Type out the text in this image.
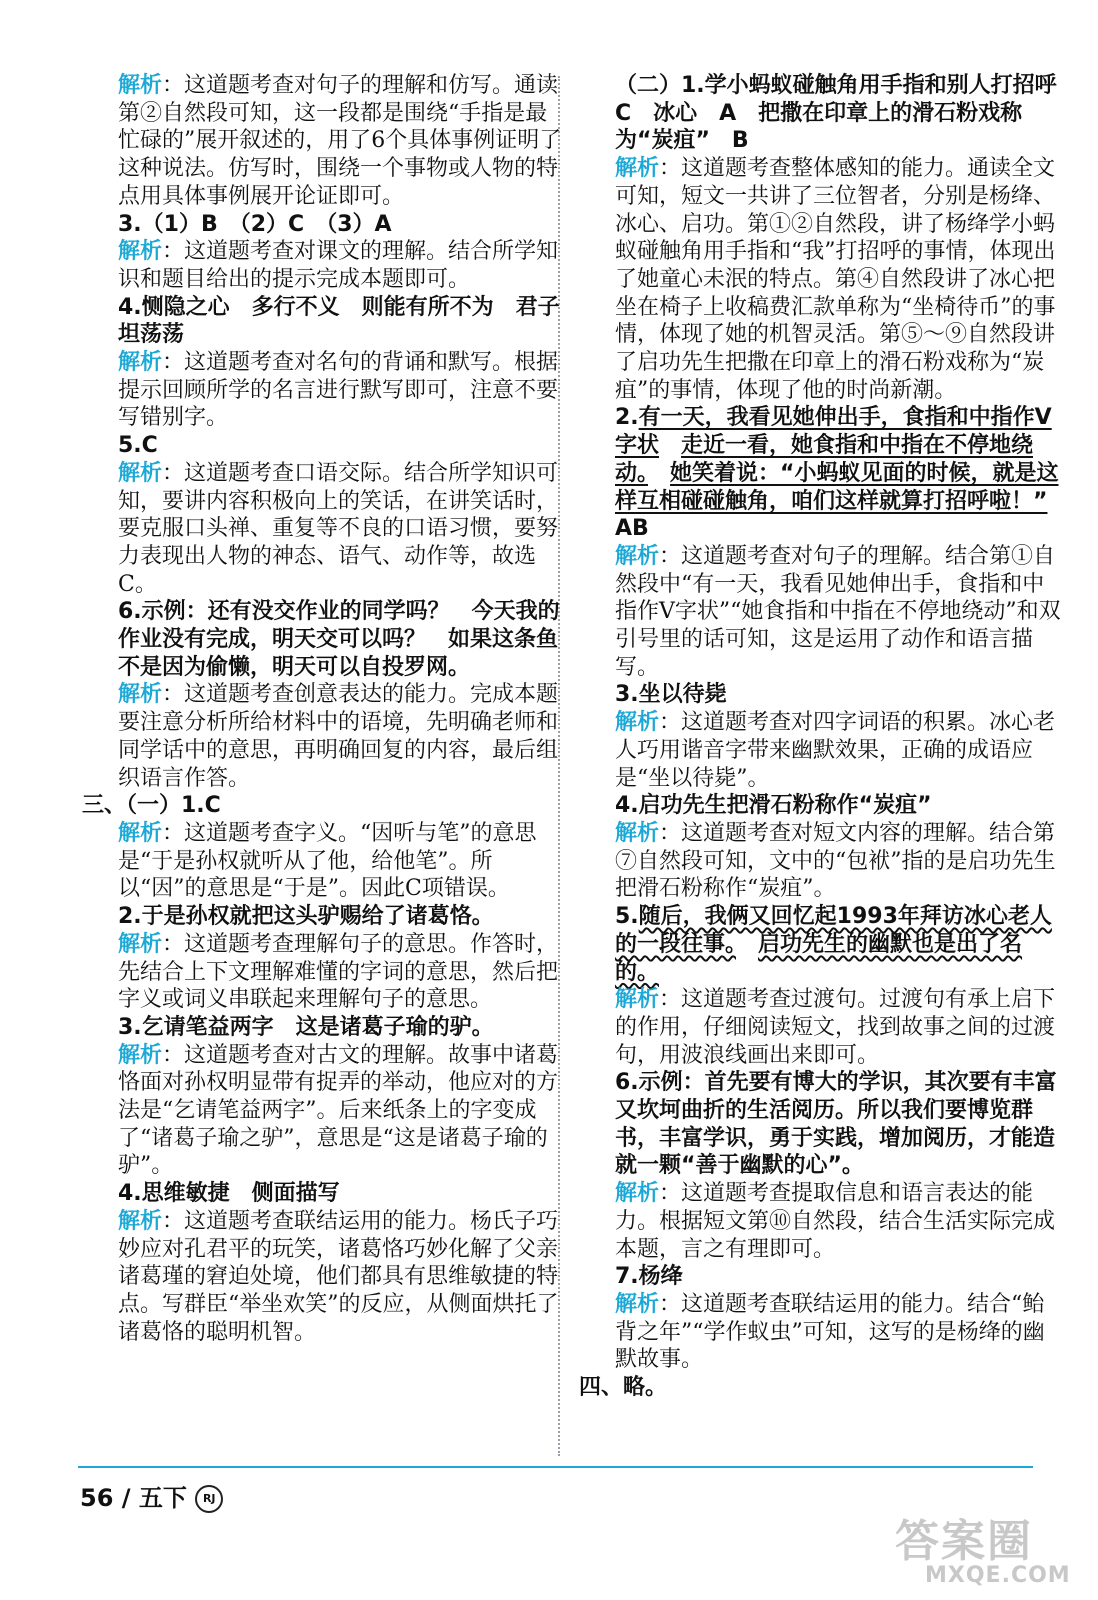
解析：这道题考查对句子的理解和仿写。通读第②自然段可知，这一段都是围绕“手指是最忙碌的”展开叙述的，用了6个具体事例证明了这种说法。仿写时，围绕一个事物或人物的特点用具体事例展开论证即可。

3.（1）B　（2）C　（3）A

解析：这道题考查对课文的理解。结合所学知识和题目给出的提示完成本题即可。

4.恻隐之心　多行不义　则能有所不为　君子坦荡荡

解析：这道题考查对名句的背诵和默写。根据提示回顾所学的名言进行默写即可，注意不要写错别字。

5.C

解析：这道题考查口语交际。结合所学知识可知，要讲内容积极向上的笑话，在讲笑话时，要克服口头禅、重复等不良的口语习惯，要努力表现出人物的神态、语气、动作等，故选C。

6.示例：还有没交作业的同学吗？　今天我的作业没有完成，明天交可以吗？　如果这条鱼不是因为偷懒，明天可以自投罗网。

解析：这道题考查创意表达的能力。完成本题要注意分析所给材料中的语境，先明确老师和同学话中的意思，再明确回复的内容，最后组织语言作答。

三、（一）1.C

解析：这道题考查字义。“因听与笔”的意思是“于是孙权就听从了他，给他笔”。所以“因”的意思是“于是”。因此C项错误。

2.于是孙权就把这头驴赐给了诸葛恪。

解析：这道题考查理解句子的意思。作答时，先结合上下文理解难懂的字词的意思，然后把字义或词义串联起来理解句子的意思。

3.乞请笔益两字　这是诸葛子瑜的驴。

解析：这道题考查对古文的理解。故事中诸葛恪面对孙权明显带有捉弄的举动，他应对的方法是“乞请笔益两字”。后来纸条上的字变成了“诸葛子瑜之驴”，意思是“这是诸葛子瑜的驴”。

4.思维敏捷　侧面描写

解析：这道题考查联结运用的能力。杨氏子巧妙应对孔君平的玩笑，诸葛恪巧妙化解了父亲诸葛瑾的窘迫处境，他们都具有思维敏捷的特点。写群臣“举坐欢笑”的反应，从侧面烘托了诸葛恪的聪明机智。

（二）1.学小蚂蚁碰触角用手指和别人打招呼　C　冰心　A　把撒在印章上的滑石粉戏称为“炭疽”　B

解析：这道题考查整体感知的能力。通读全文可知，短文一共讲了三位智者，分别是杨绛、冰心、启功。第①②自然段，讲了杨绛学小蚂蚁碰触角用手指和“我”打招呼的事情，体现出了她童心未泯的特点。第④自然段讲了冰心把坐在椅子上收稿费汇款单称为“坐椅待币”的事情，体现了她的机智灵活。第⑤～⑨自然段讲了启功先生把撒在印章上的滑石粉戏称为“炭疽”的事情，体现了他的时尚新潮。

2.有一天，我看见她伸出手，食指和中指作V字状　 走近一看，她食指和中指在不停地绕动。　 她笑着说：“小蚂蚁见面的时候，就是这样互相碰碰触角，咱们这样就算打招呼啦！”　AB

解析：这道题考查对句子的理解。结合第①自然段中“有一天，我看见她伸出手，食指和中指作V字状”“她食指和中指在不停地绕动”和双引号里的话可知，这是运用了动作和语言描写。

3.坐以待毙

解析：这道题考查对四字词语的积累。冰心老人巧用谐音字带来幽默效果，正确的成语应是“坐以待毙”。

4.启功先生把滑石粉称作“炭疽”

解析：这道题考查对短文内容的理解。结合第⑦自然段可知，文中的“包袱”指的是启功先生把滑石粉称作“炭疽”。

5.随后，我俩又回忆起1993年拜访冰心老人的一段往事。　 启功先生的幽默也是出了名的。

解析：这道题考查过渡句。过渡句有承上启下的作用，仔细阅读短文，找到故事之间的过渡句，用波浪线画出来即可。

6.示例：首先要有博大的学识，其次要有丰富又坎坷曲折的生活阅历。所以我们要博览群书，丰富学识，勇于实践，增加阅历，才能造就一颗“善于幽默的心”。

解析：这道题考查提取信息和语言表达的能力。根据短文第⑩自然段，结合生活实际完成本题，言之有理即可。

7.杨绛

解析：这道题考查联结运用的能力。结合“鲐背之年”“学作蚁虫”可知，这写的是杨绛的幽默故事。

四、略。

56 / 五下 RJ
答案圈
MXQE.COM
